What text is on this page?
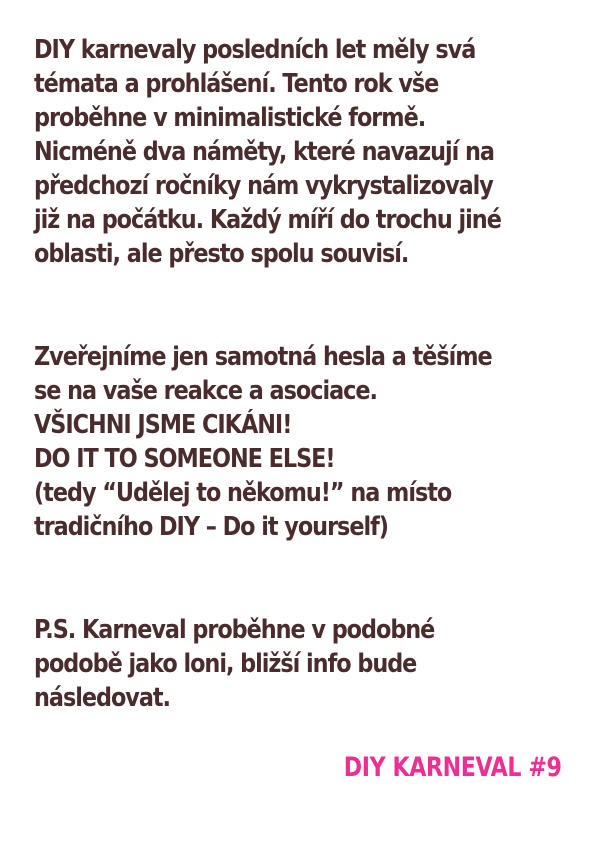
DIY karnevaly posledních let měly svá
témata a prohlášení. Tento rok vše
proběhne v minimalistické formě.
Nicméně dva náměty, které navazují na
předchozí ročníky nám vykrystalizovaly
již na počátku. Každý míří do trochu jiné
oblasti, ale přesto spolu souvisí.

Zveřejníme jen samotná hesla a těšíme
se na vaše reakce a asociace.
VŠICHNI JSME CIKÁNI!
DO IT TO SOMEONE ELSE!
(tedy “Udělej to někomu!” na místo
tradičního DIY – Do it yourself)

P.S. Karneval proběhne v podobné
podobě jako loni, bližší info bude
následovat.

DIY KARNEVAL #9
